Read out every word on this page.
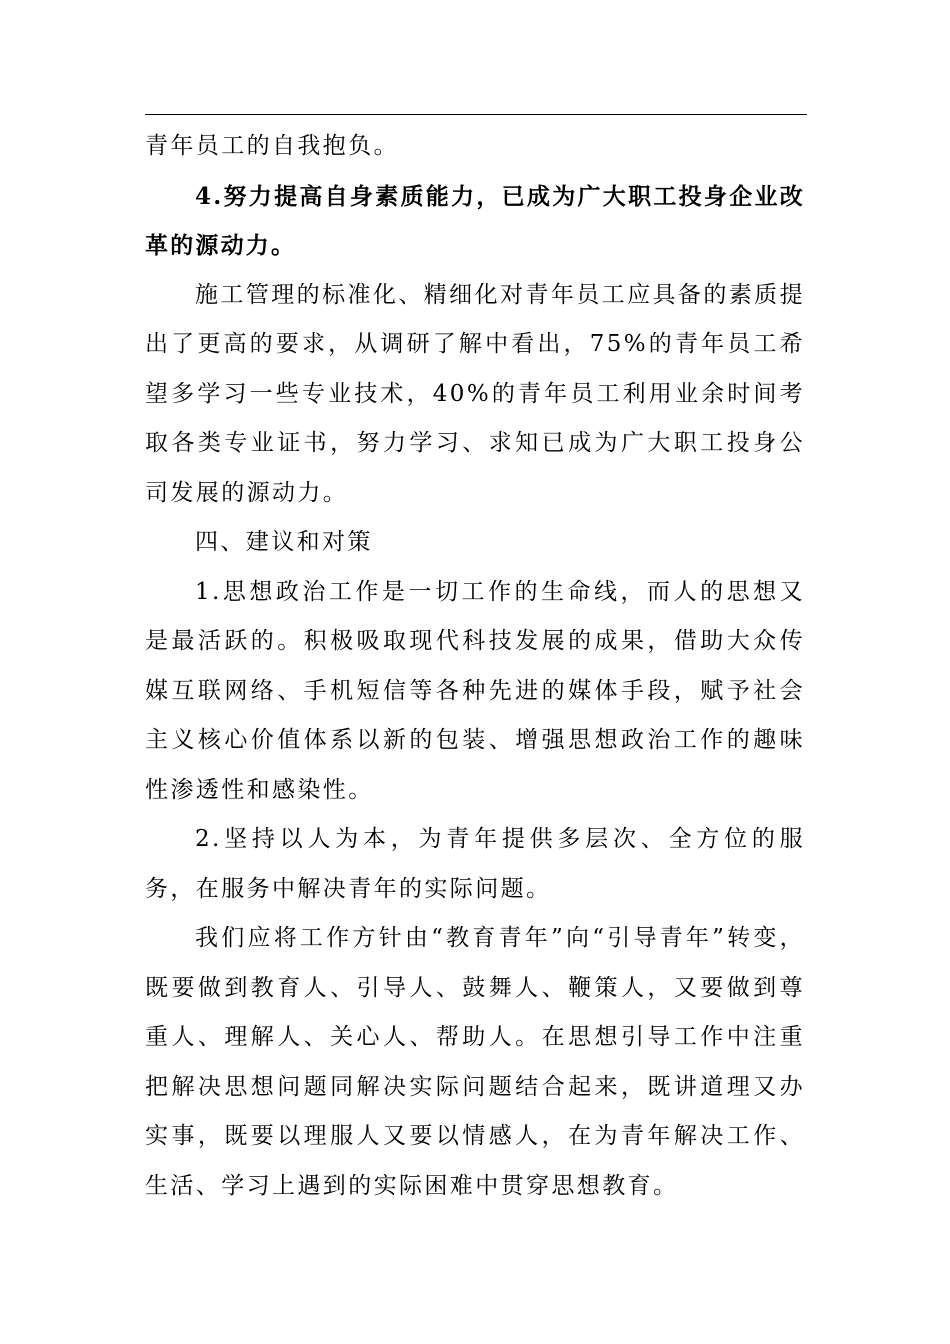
青年员工的自我抱负。

4.努力提高自身素质能力，已成为广大职工投身企业改革的源动力。

施工管理的标准化、精细化对青年员工应具备的素质提出了更高的要求，从调研了解中看出，75%的青年员工希望多学习一些专业技术，40%的青年员工利用业余时间考取各类专业证书，努力学习、求知已成为广大职工投身公司发展的源动力。

四、建议和对策

1.思想政治工作是一切工作的生命线，而人的思想又是最活跃的。积极吸取现代科技发展的成果，借助大众传媒互联网络、手机短信等各种先进的媒体手段，赋予社会主义核心价值体系以新的包装、增强思想政治工作的趣味性渗透性和感染性。

2.坚持以人为本，为青年提供多层次、全方位的服务，在服务中解决青年的实际问题。

我们应将工作方针由“教育青年”向“引导青年”转变，既要做到教育人、引导人、鼓舞人、鞭策人，又要做到尊重人、理解人、关心人、帮助人。在思想引导工作中注重把解决思想问题同解决实际问题结合起来，既讲道理又办实事，既要以理服人又要以情感人，在为青年解决工作、生活、学习上遇到的实际困难中贯穿思想教育。
